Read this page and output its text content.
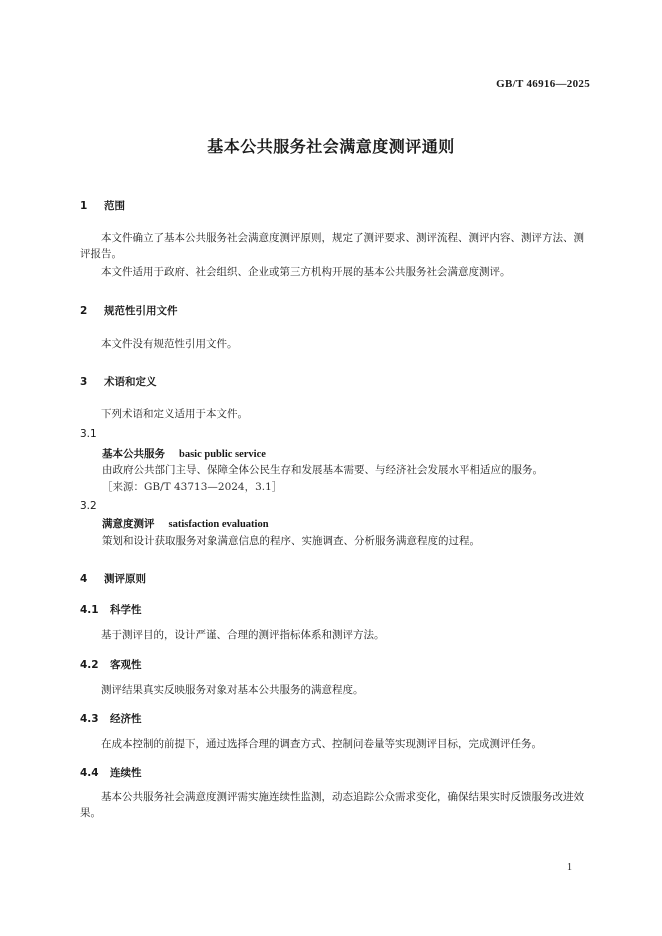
GB/T 46916—2025
基本公共服务社会满意度测评通则
1 范围
本文件确立了基本公共服务社会满意度测评原则，规定了测评要求、测评流程、测评内容、测评方法、测评报告。
本文件适用于政府、社会组织、企业或第三方机构开展的基本公共服务社会满意度测评。
2 规范性引用文件
本文件没有规范性引用文件。
3 术语和定义
下列术语和定义适用于本文件。
3.1
基本公共服务 basic public service
由政府公共部门主导、保障全体公民生存和发展基本需要、与经济社会发展水平相适应的服务。
［来源：GB/T 43713—2024，3.1］
3.2
满意度测评 satisfaction evaluation
策划和设计获取服务对象满意信息的程序、实施调查、分析服务满意程度的过程。
4 测评原则
4.1 科学性
基于测评目的，设计严谨、合理的测评指标体系和测评方法。
4.2 客观性
测评结果真实反映服务对象对基本公共服务的满意程度。
4.3 经济性
在成本控制的前提下，通过选择合理的调查方式、控制问卷量等实现测评目标，完成测评任务。
4.4 连续性
基本公共服务社会满意度测评需实施连续性监测，动态追踪公众需求变化，确保结果实时反馈服务改进效果。
1
